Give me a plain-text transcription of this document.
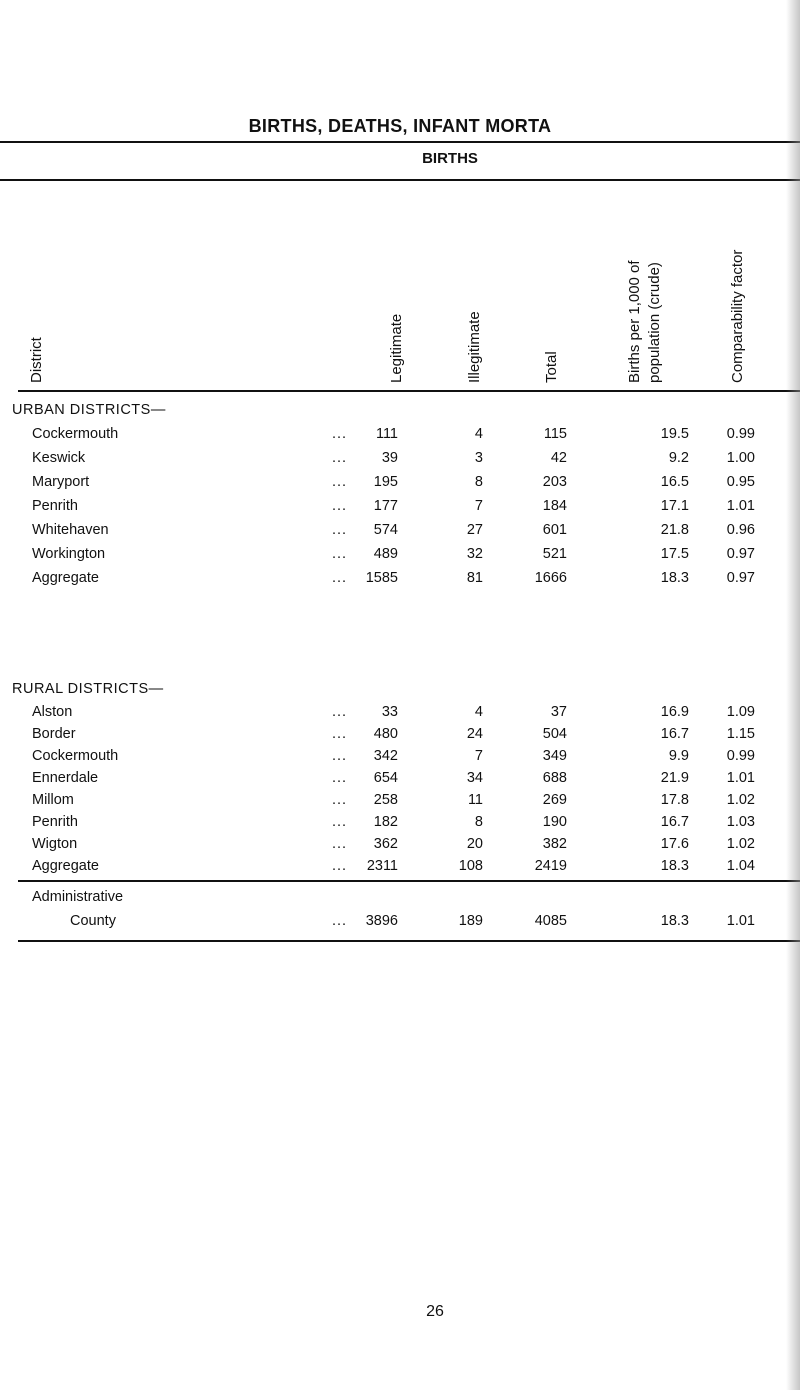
BIRTHS, DEATHS, INFANT MORTA
BIRTHS
District	Legitimate	Illegitimate	Total	Births per 1,000 of population (crude)	Comparability factor
URBAN DISTRICTS—
Cockermouth	... 111	4	115	19.5	0.99
Keswick	... 39	3	42	9.2	1.00
Maryport	... 195	8	203	16.5	0.95
Penrith	... 177	7	184	17.1	1.01
Whitehaven	... 574	27	601	21.8	0.96
Workington	... 489	32	521	17.5	0.97
Aggregate	... 1585	81	1666	18.3	0.97
RURAL DISTRICTS—
Alston	... 33	4	37	16.9	1.09
Border	... 480	24	504	16.7	1.15
Cockermouth	... 342	7	349	9.9	0.99
Ennerdale	... 654	34	688	21.9	1.01
Millom	... 258	11	269	17.8	1.02
Penrith	... 182	8	190	16.7	1.03
Wigton	... 362	20	382	17.6	1.02
Aggregate	... 2311	108	2419	18.3	1.04
Administrative
County	... 3896	189	4085	18.3	1.01
26
